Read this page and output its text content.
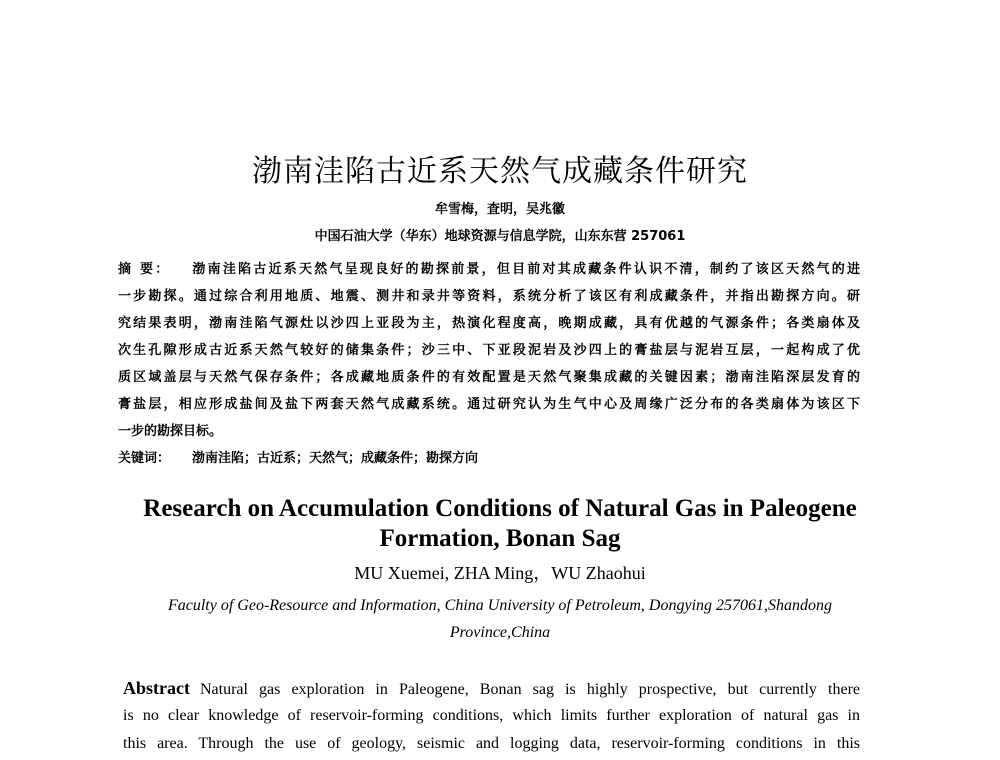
渤南洼陷古近系天然气成藏条件研究
牟雪梅，査明，吴兆徽
中国石油大学（华东）地球资源与信息学院，山东东营 257061
摘 要： 渤南洼陷古近系天然气呈现良好的勘探前景，但目前对其成藏条件认识不清，制约了该区天然气的进
一步勘探。通过综合利用地质、地震、测井和录井等资料，系统分析了该区有利成藏条件，并指出勘探方向。研
究结果表明，渤南洼陷气源灶以沙四上亚段为主，热演化程度高，晚期成藏，具有优越的气源条件；各类扇体及
次生孔隙形成古近系天然气较好的储集条件；沙三中、下亚段泥岩及沙四上的膏盐层与泥岩互层，一起构成了优
质区域盖层与天然气保存条件；各成藏地质条件的有效配置是天然气聚集成藏的关键因素；渤南洼陷深层发育的
膏盐层，相应形成盐间及盐下两套天然气成藏系统。通过研究认为生气中心及周缘广泛分布的各类扇体为该区下
一步的勘探目标。
关键词： 渤南洼陷；古近系；天然气；成藏条件；勘探方向
Research on Accumulation Conditions of Natural Gas in Paleogene
Formation, Bonan Sag
MU Xuemei, ZHA Ming，WU Zhaohui
Faculty of Geo-Resource and Information, China University of Petroleum, Dongying 257061,Shandong
Province,China
Abstract Natural gas exploration in Paleogene, Bonan sag is highly prospective, but currently there
is no clear knowledge of reservoir-forming conditions, which limits further exploration of natural gas in
this area. Through the use of geology, seismic and logging data, reservoir-forming conditions in this
